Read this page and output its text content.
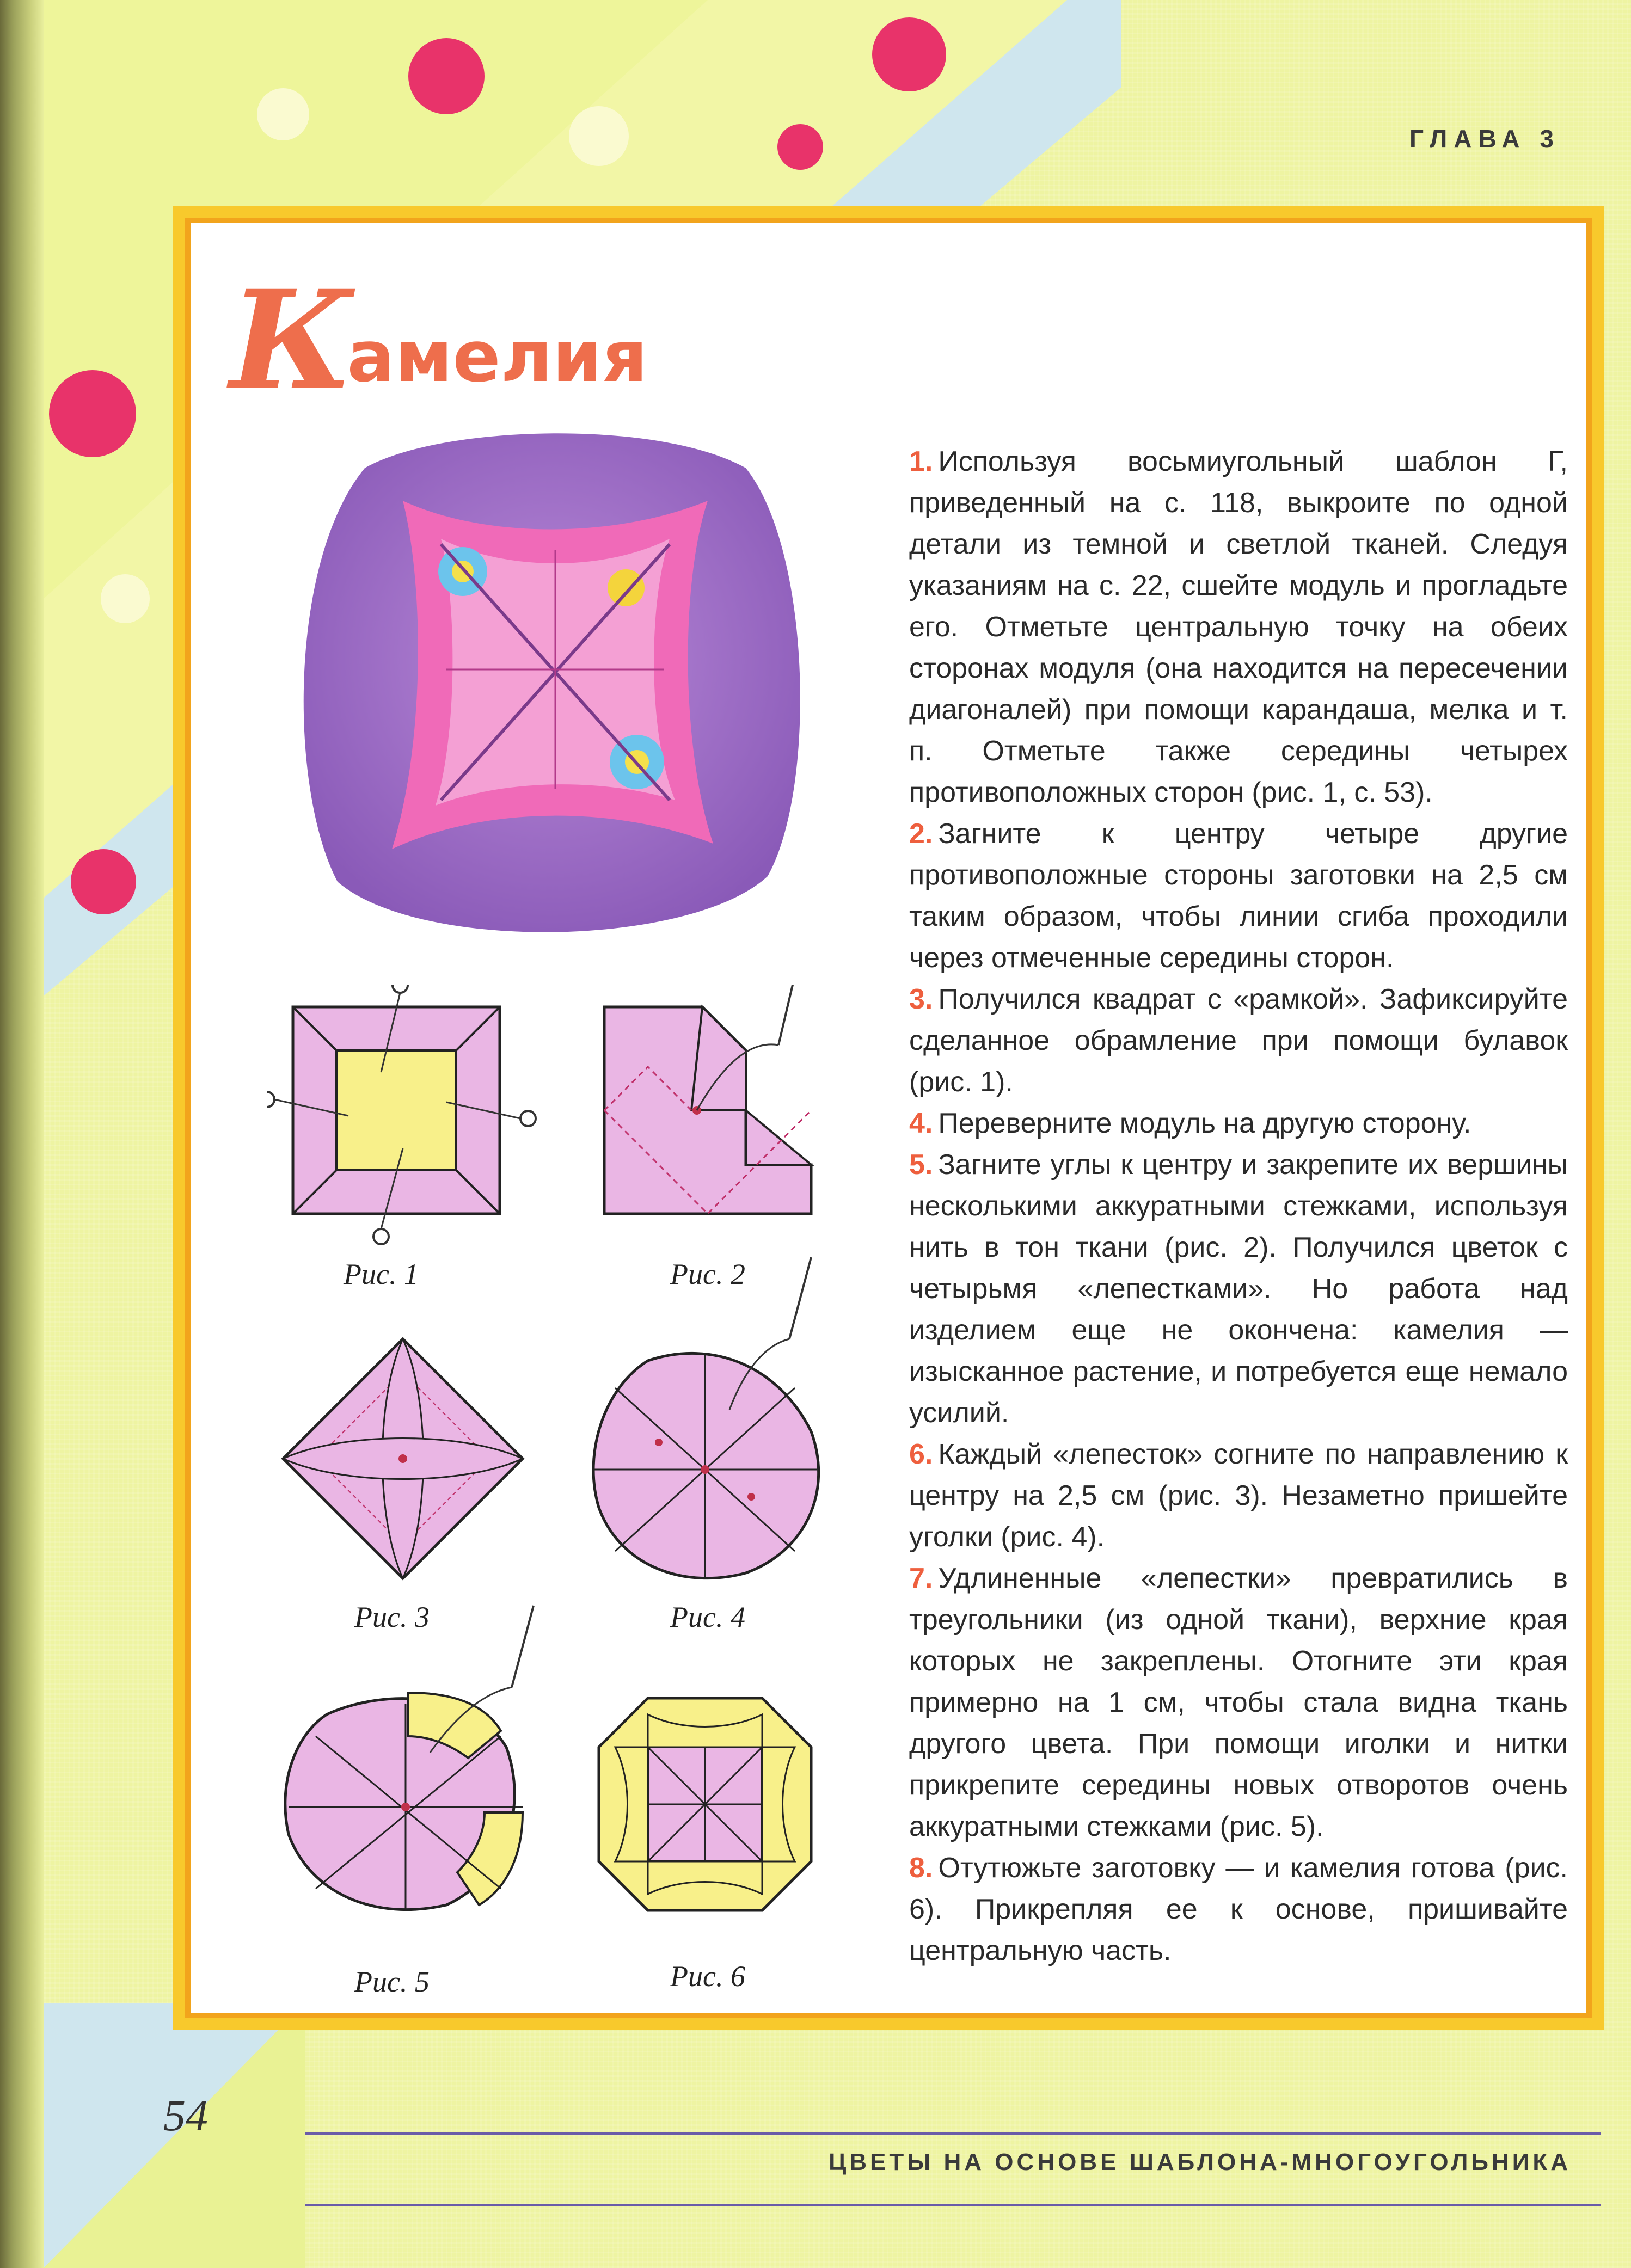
ГЛАВА 3
К
амелия
Рис. 1	Рис. 2
Рис. 3	Рис. 4
Рис. 5	Рис. 6

1. Используя восьмиугольный шаблон Г, приведенный на с. 118, выкроите по одной детали из темной и светлой тканей. Следуя указаниям на с. 22, сшейте модуль и прогладьте его. Отметьте центральную точку на обеих сторонах модуля (она находится на пересечении диагоналей) при помощи карандаша, мелка и т. п. Отметьте также середины четырех противоположных сторон (рис. 1, с. 53).

2. Загните к центру четыре другие противоположные стороны заготовки на 2,5 см таким образом, чтобы линии сгиба проходили через отмеченные середины сторон.

3. Получился квадрат с «рамкой». Зафиксируйте сделанное обрамление при помощи булавок (рис. 1).

4. Переверните модуль на другую сторону.

5. Загните углы к центру и закрепите их вершины несколькими аккуратными стежками, используя нить в тон ткани (рис. 2). Получился цветок с четырьмя «лепестками». Но работа над изделием еще не окончена: камелия — изысканное растение, и потребуется еще немало усилий.

6. Каждый «лепесток» согните по направлению к центру на 2,5 см (рис. 3). Незаметно пришейте уголки (рис. 4).

7. Удлиненные «лепестки» превратились в треугольники (из одной ткани), верхние края которых не закреплены. Отогните эти края примерно на 1 см, чтобы стала видна ткань другого цвета. При помощи иголки и нитки прикрепите середины новых отворотов очень аккуратными стежками (рис. 5).

8. Отутюжьте заготовку — и камелия готова (рис. 6). Прикрепляя ее к основе, пришивайте центральную часть.

54
ЦВЕТЫ НА ОСНОВЕ ШАБЛОНА-МНОГОУГОЛЬНИКА
